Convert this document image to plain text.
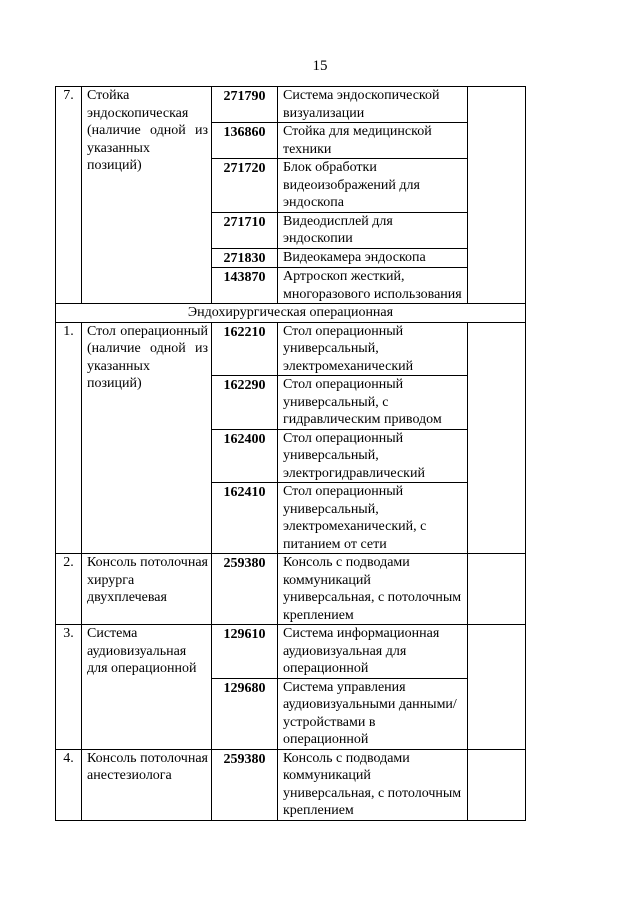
15
7.	Стойка эндоскопическая (наличие одной из указанных позиций)	271790	Система эндоскопической визуализации	
		136860	Стойка для медицинской техники	
		271720	Блок обработки видеоизображений для эндоскопа	
		271710	Видеодисплей для эндоскопии	
		271830	Видеокамера эндоскопа	
		143870	Артроскоп жесткий, многоразового использования	
Эндохирургическая операционная				
1.	Стол операционный (наличие одной из указанных позиций)	162210	Стол операционный универсальный, электромеханический	
		162290	Стол операционный универсальный, с гидравлическим приводом	
		162400	Стол операционный универсальный, электрогидравлический	
		162410	Стол операционный универсальный, электромеханический, с питанием от сети	
2.	Консоль потолочная хирурга двухплечевая	259380	Консоль с подводами коммуникаций универсальная, с потолочным креплением	
3.	Система аудиовизуальная для операционной	129610	Система информационная аудиовизуальная для операционной	
		129680	Система управления аудиовизуальными данными/устройствами в операционной	
4.	Консоль потолочная анестезиолога	259380	Консоль с подводами коммуникаций универсальная, с потолочным креплением	
